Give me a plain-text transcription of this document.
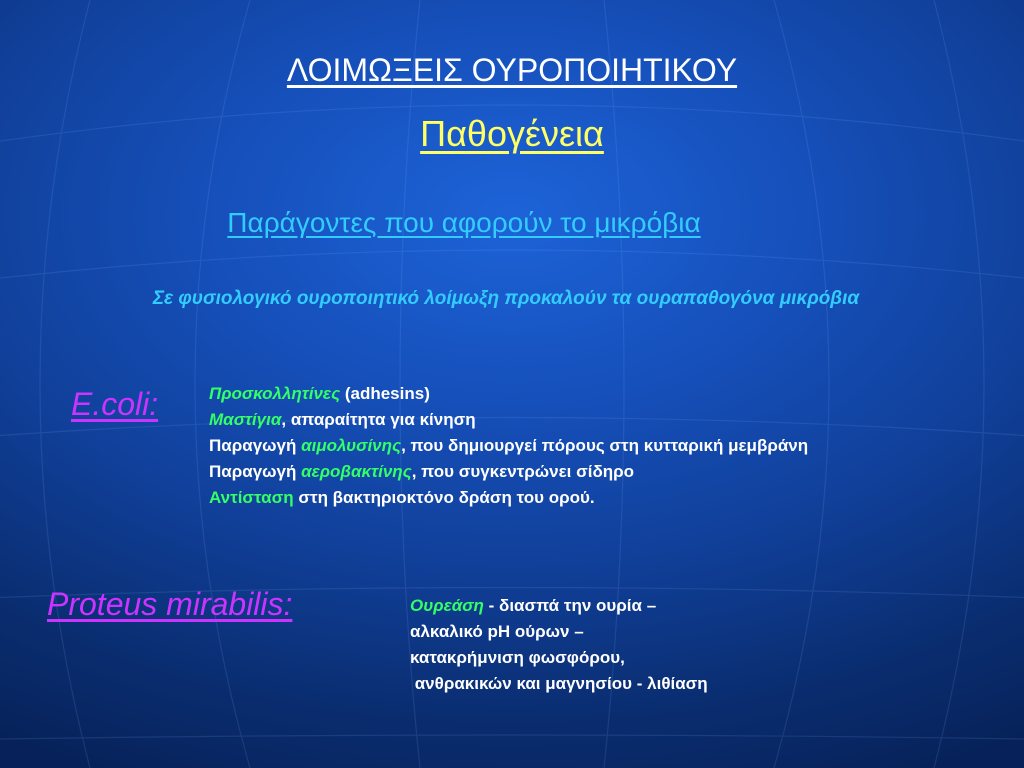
ΛΟΙΜΩΞΕΙΣ ΟΥΡΟΠΟΙΗΤΙΚΟΥ
Παθογένεια
Παράγοντες που αφορούν το μικρόβια
Σε φυσιολογικό ουροποιητικό λοίμωξη προκαλούν τα ουραπαθογόνα μικρόβια
E.coli:	Προσκολλητίνες (adhesins)
Μαστίγια, απαραίτητα για κίνηση
Παραγωγή αιμολυσίνης, που δημιουργεί πόρους στη κυτταρική μεμβράνη
Παραγωγή αεροβακτίνης, που συγκεντρώνει σίδηρο
Αντίσταση στη βακτηριοκτόνο δράση του ορού.
Proteus mirabilis:	Ουρεάση - διασπά την ουρία –
αλκαλικό pH ούρων –
κατακρήμνιση φωσφόρου,
ανθρακικών και μαγνησίου - λιθίαση
